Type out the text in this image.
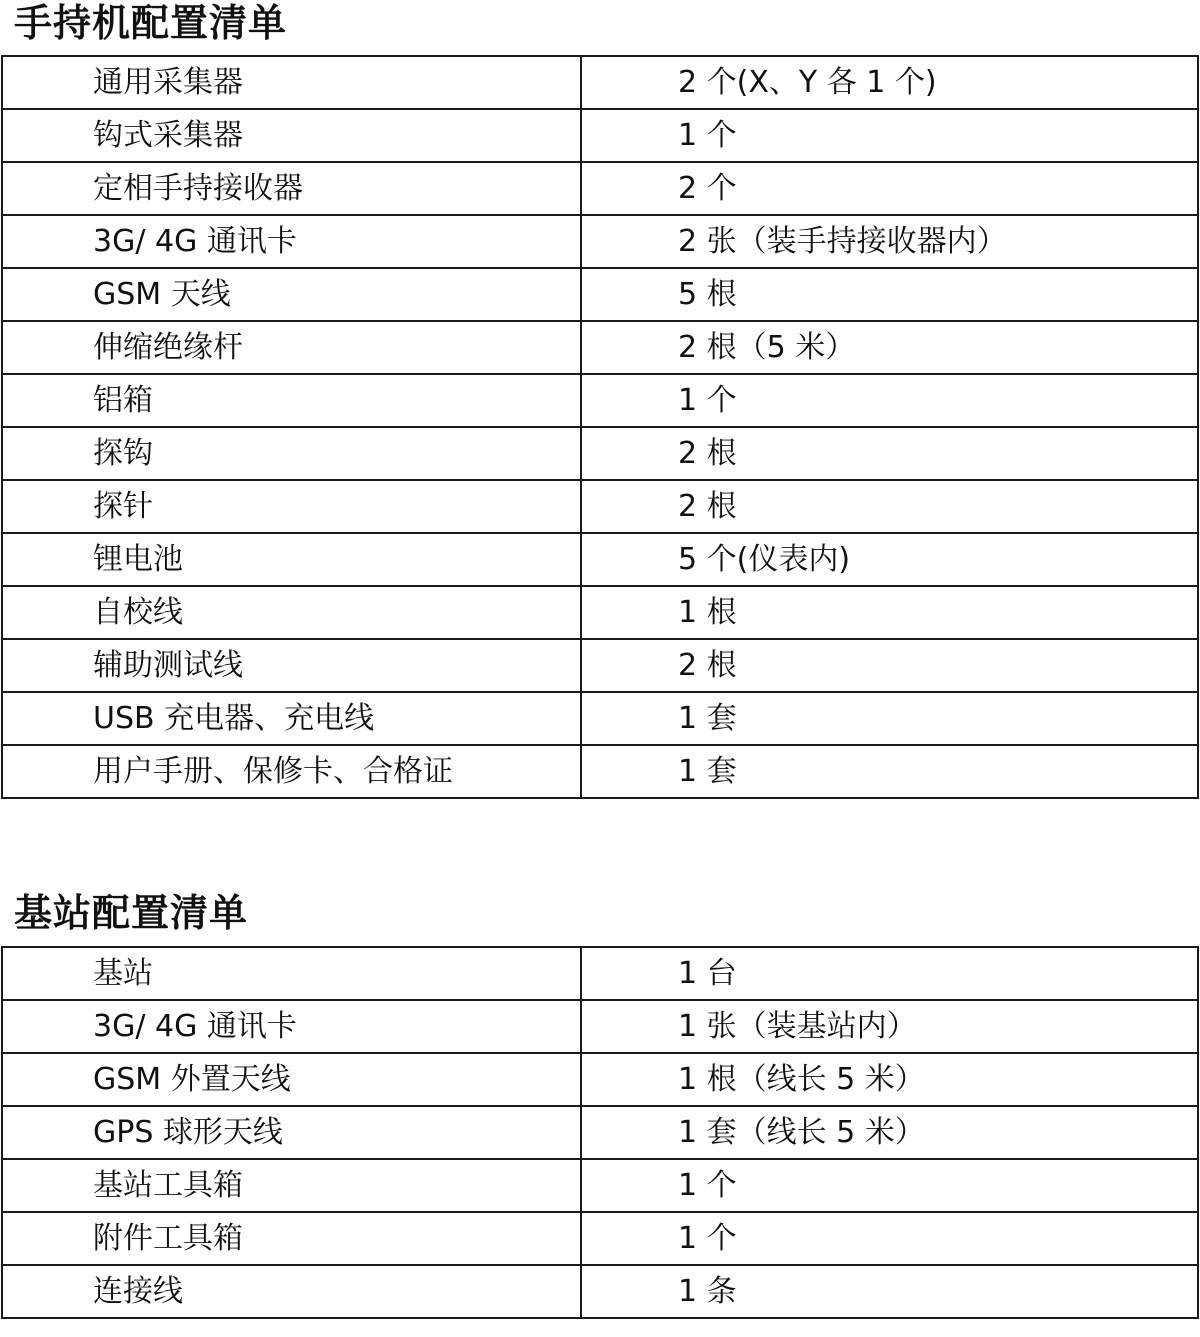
手持机配置清单
通用采集器	2 个(X、Y 各 1 个)
钩式采集器	1 个
定相手持接收器	2 个
3G/ 4G 通讯卡	2 张（装手持接收器内）
GSM 天线	5 根
伸缩绝缘杆	2 根（5 米）
铝箱	1 个
探钩	2 根
探针	2 根
锂电池	5 个(仪表内)
自校线	1 根
辅助测试线	2 根
USB 充电器、充电线	1 套
用户手册、保修卡、合格证	1 套
基站配置清单
基站	1 台
3G/ 4G 通讯卡	1 张（装基站内）
GSM 外置天线	1 根（线长 5 米）
GPS 球形天线	1 套（线长 5 米）
基站工具箱	1 个
附件工具箱	1 个
连接线	1 条
